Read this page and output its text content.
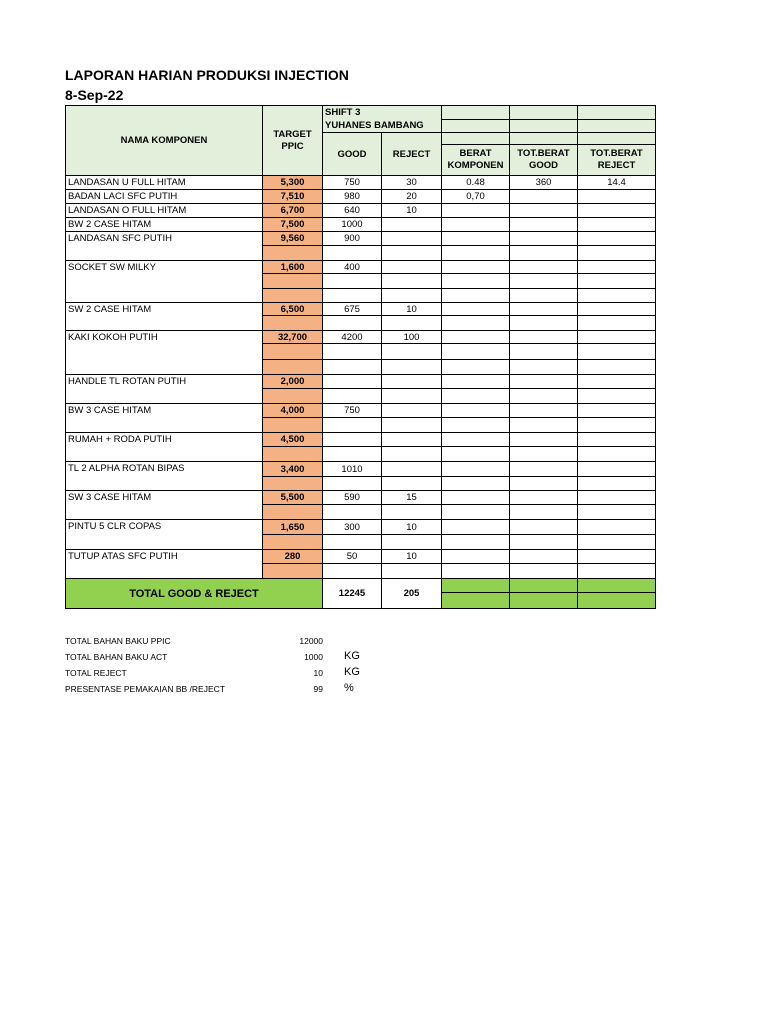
LAPORAN HARIAN PRODUKSI INJECTION
8-Sep-22
NAMA KOMPONEN	TARGET PPIC	SHIFT 3
YUHANES BAMBANG				

		GOOD	REJECT			
				BERAT KOMPONEN	TOT.BERAT GOOD	TOT.BERAT REJECT
LANDASAN U FULL HITAM	5,300	750	30	0.48	360	14.4
BADAN LACI SFC PUTIH	7,510	980	20	0,70		
LANDASAN O FULL HITAM	6,700	640	10			
BW 2 CASE HITAM	7,500	1000				
LANDASAN SFC PUTIH	9,560	900				

SOCKET SW MILKY	1,600	400				

SW 2 CASE HITAM	6,500	675	10			

KAKI KOKOH PUTIH	32,700	4200	100			

HANDLE TL ROTAN PUTIH	2,000					

BW 3 CASE HITAM	4,000	750				

RUMAH + RODA PUTIH	4,500					

TL 2 ALPHA ROTAN BIPAS	3,400	1010				

SW 3 CASE HITAM	5,500	590	15			

PINTU 5 CLR COPAS	1,650	300	10			

TUTUP ATAS SFC PUTIH	280	50	10			

TOTAL GOOD & REJECT		12245	205			

TOTAL BAHAN BAKU PPIC	12000
TOTAL BAHAN BAKU ACT	1000 KG
TOTAL REJECT	10 KG
PRESENTASE PEMAKAIAN BB /REJECT	99 %
